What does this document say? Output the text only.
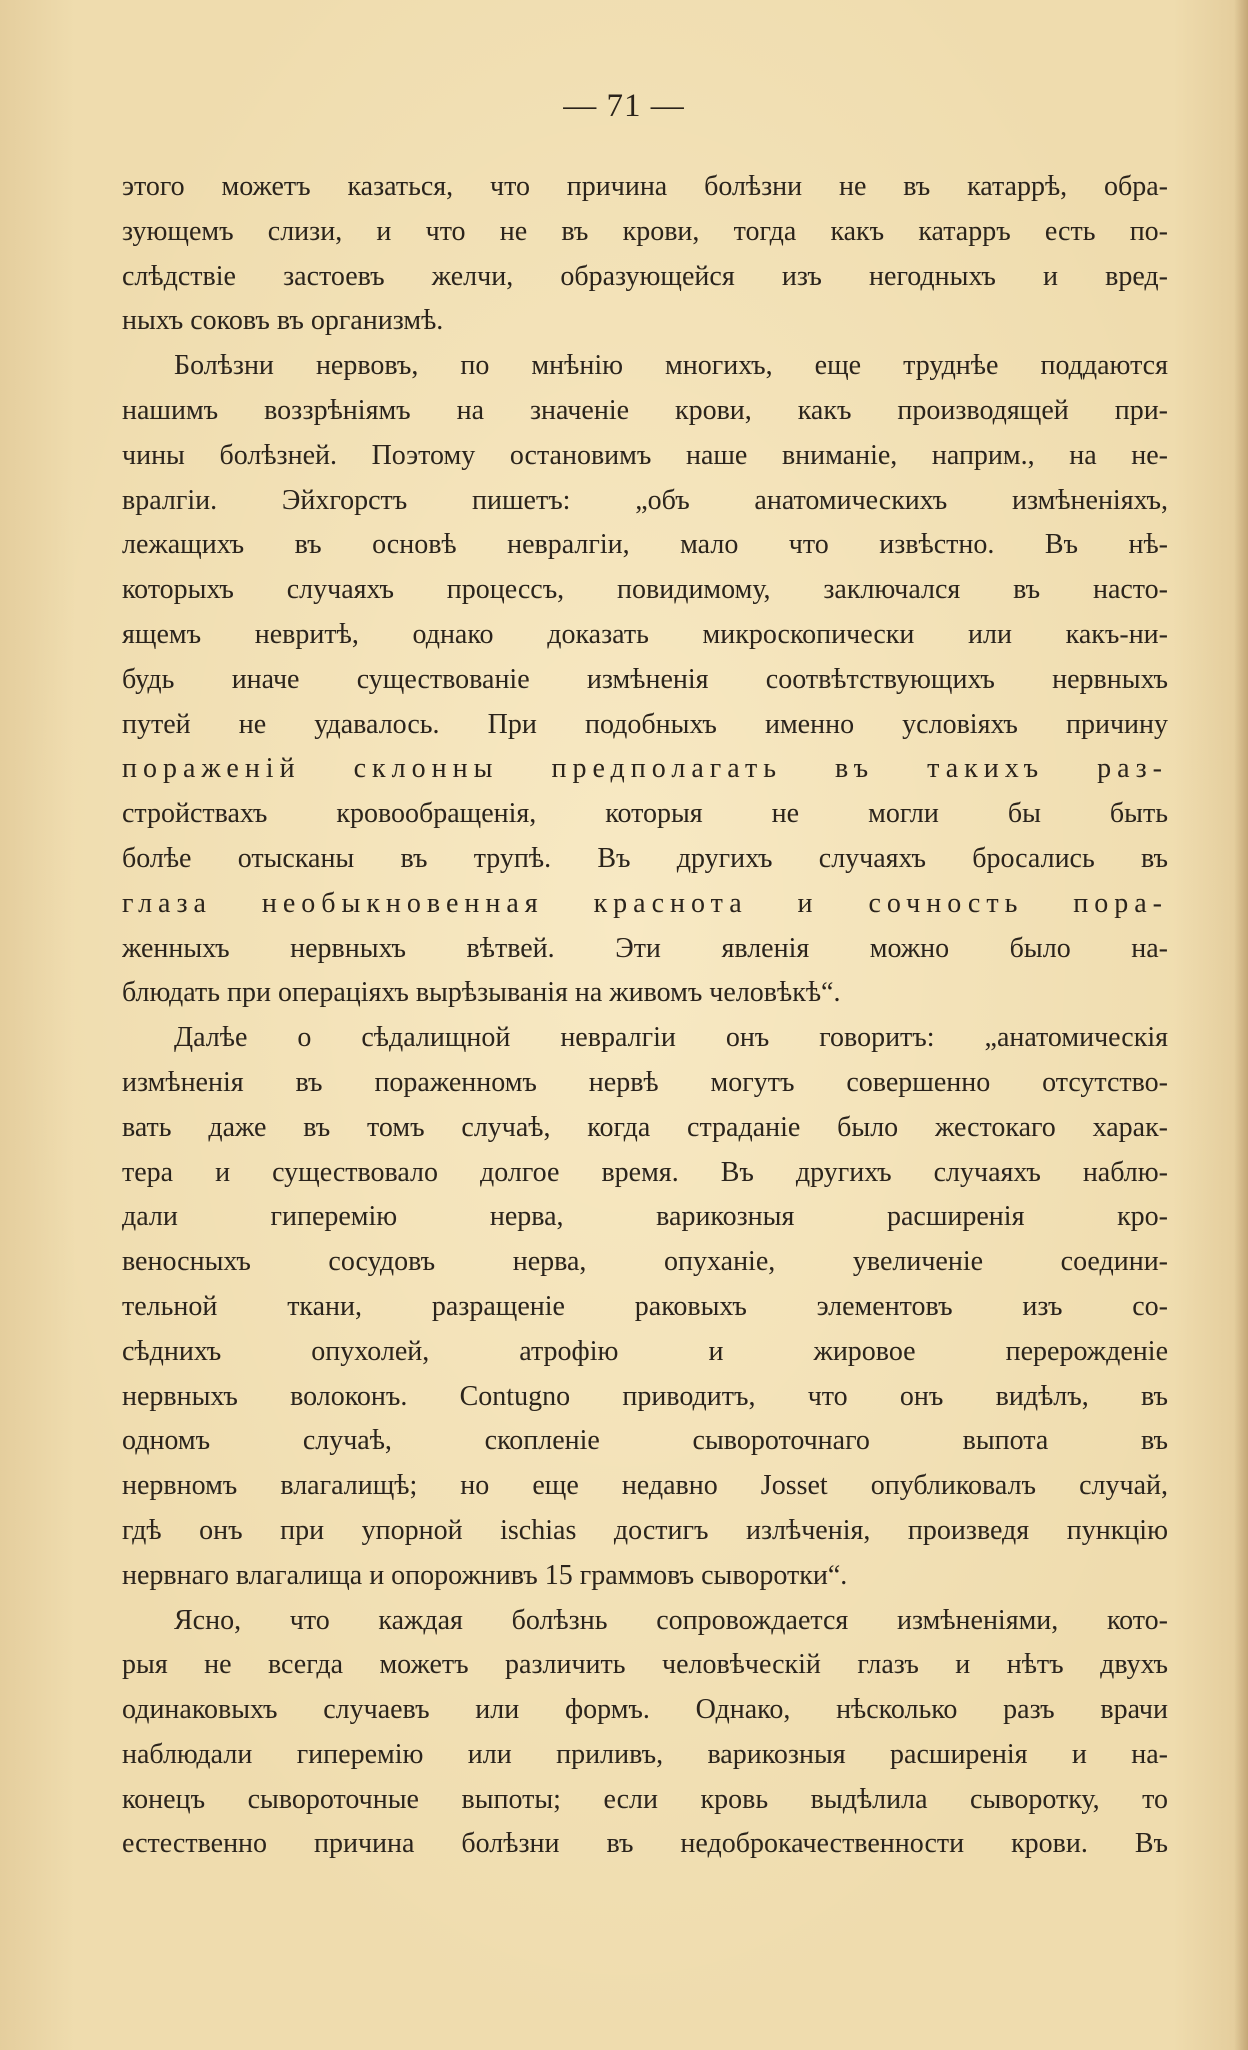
— 71 —
этого можетъ казаться, что причина болѣзни не въ катаррѣ, обра-
зующемъ слизи, и что не въ крови, тогда какъ катарръ есть по-
слѣдствіе застоевъ желчи, образующейся изъ негодныхъ и вред-
ныхъ соковъ въ организмѣ.
Болѣзни нервовъ, по мнѣнію многихъ, еще труднѣе поддаются
нашимъ воззрѣніямъ на значеніе крови, какъ производящей при-
чины болѣзней. Поэтому остановимъ наше вниманіе, наприм., на не-
вралгіи. Эйхгорстъ пишетъ: „объ анатомическихъ измѣненіяхъ,
лежащихъ въ основѣ невралгіи, мало что извѣстно. Въ нѣ-
которыхъ случаяхъ процессъ, повидимому, заключался въ насто-
ящемъ невритѣ, однако доказать микроскопически или какъ-ни-
будь иначе существованіе измѣненія соотвѣтствующихъ нервныхъ
путей не удавалось. При подобныхъ именно условіяхъ причину
пораженій склонны предполагать въ такихъ раз-
стройствахъ кровообращенія, которыя не могли бы быть
болѣе отысканы въ трупѣ. Въ другихъ случаяхъ бросались въ
глаза необыкновенная краснота и сочность пора-
женныхъ нервныхъ вѣтвей. Эти явленія можно было на-
блюдать при операціяхъ вырѣзыванія на живомъ человѣкѣ“.
Далѣе о сѣдалищной невралгіи онъ говоритъ: „анатомическія
измѣненія въ пораженномъ нервѣ могутъ совершенно отсутство-
вать даже въ томъ случаѣ, когда страданіе было жестокаго харак-
тера и существовало долгое время. Въ другихъ случаяхъ наблю-
дали гиперемію нерва, варикозныя расширенія кро-
веносныхъ сосудовъ нерва, опуханіе, увеличеніе соедини-
тельной ткани, разращеніе раковыхъ элементовъ изъ со-
сѣднихъ опухолей, атрофію и жировое перерожденіе
нервныхъ волоконъ. Contugno приводитъ, что онъ видѣлъ, въ
одномъ случаѣ, скопленіе сывороточнаго выпота въ
нервномъ влагалищѣ; но еще недавно Josset опубликовалъ случай,
гдѣ онъ при упорной ischias достигъ излѣченія, произведя пункцію
нервнаго влагалища и опорожнивъ 15 граммовъ сыворотки“.
Ясно, что каждая болѣзнь сопровождается измѣненіями, кото-
рыя не всегда можетъ различить человѣческій глазъ и нѣтъ двухъ
одинаковыхъ случаевъ или формъ. Однако, нѣсколько разъ врачи
наблюдали гиперемію или приливъ, варикозныя расширенія и на-
конецъ сывороточные выпоты; если кровь выдѣлила сыворотку, то
естественно причина болѣзни въ недоброкачественности крови. Въ
